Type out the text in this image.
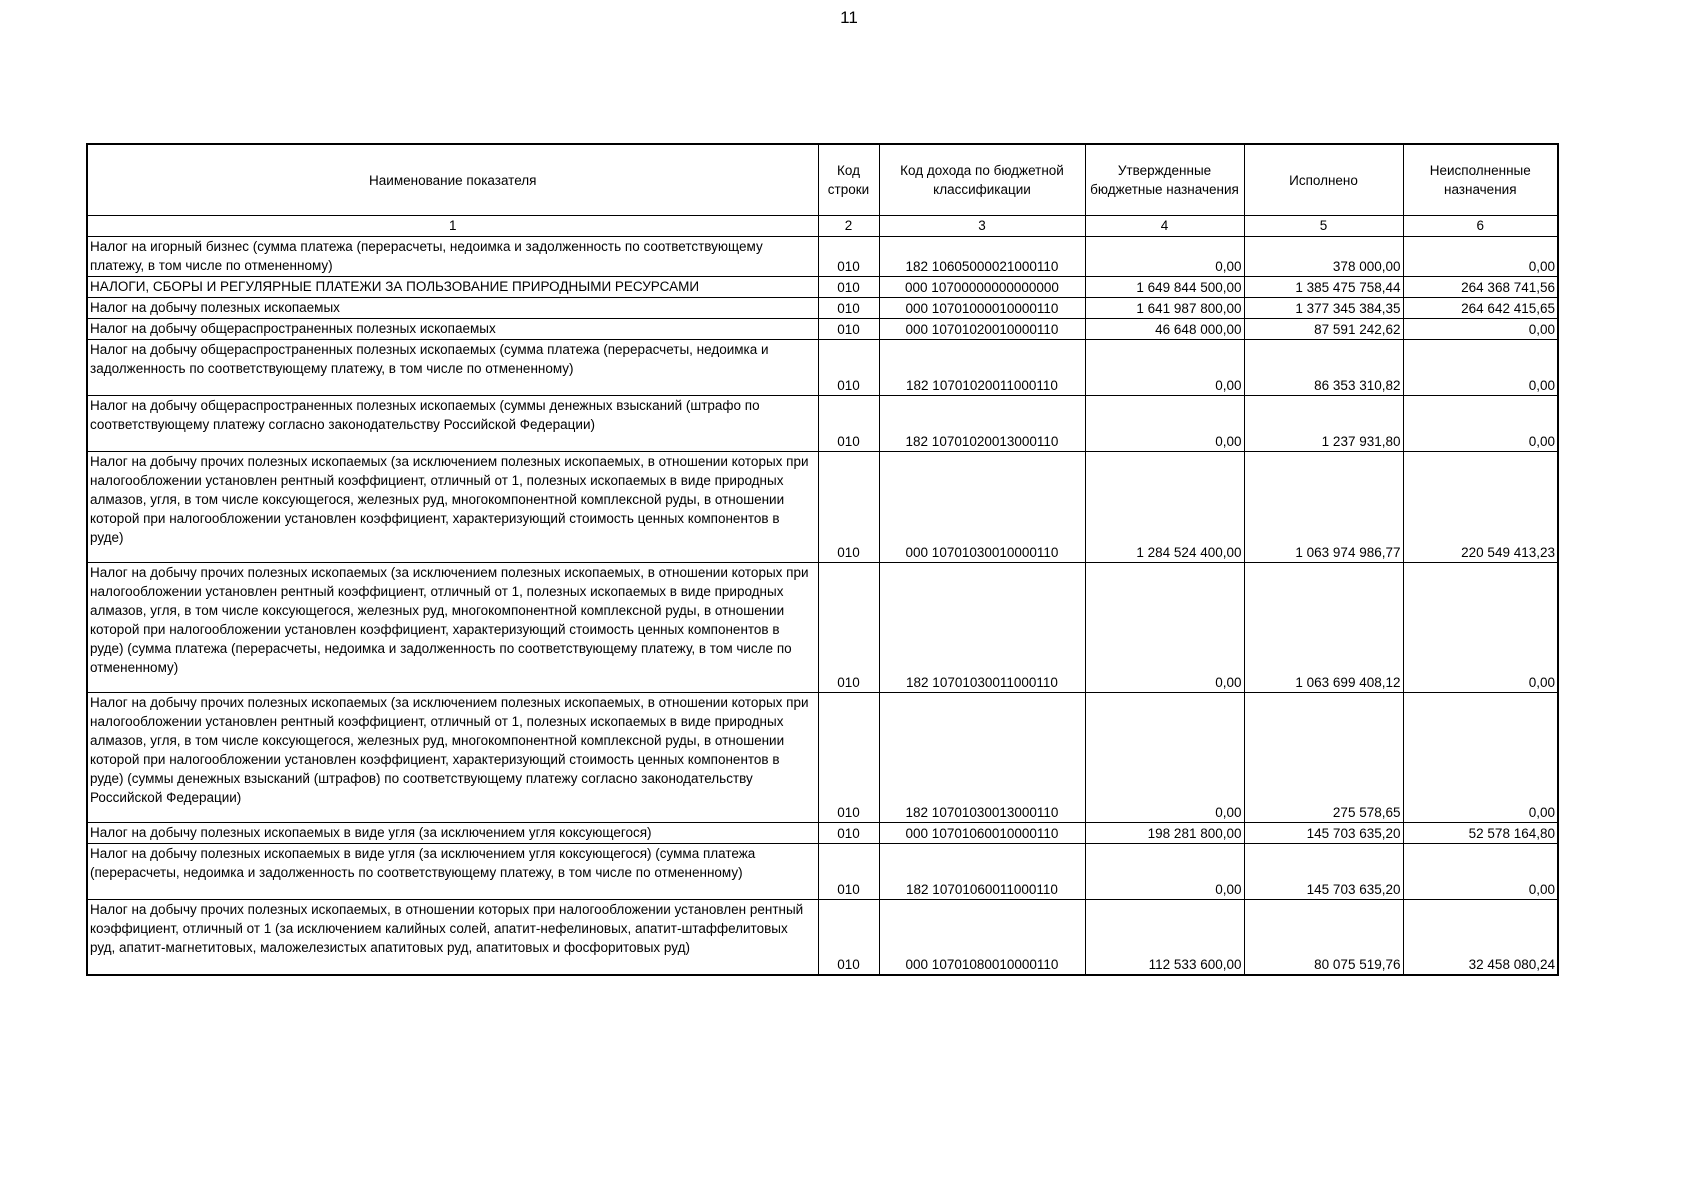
11
Наименование показателя	Код строки	Код дохода по бюджетной классификации	Утвержденные бюджетные назначения	Исполнено	Неисполненные назначения
1	2	3	4	5	6
Налог на игорный бизнес (сумма платежа (перерасчеты, недоимка и задолженность по соответствующему платежу, в том числе по отмененному)	010	182 10605000021000110	0,00	378 000,00	0,00
НАЛОГИ, СБОРЫ И РЕГУЛЯРНЫЕ ПЛАТЕЖИ ЗА ПОЛЬЗОВАНИЕ ПРИРОДНЫМИ РЕСУРСАМИ	010	000 10700000000000000	1 649 844 500,00	1 385 475 758,44	264 368 741,56
Налог на добычу полезных ископаемых	010	000 10701000010000110	1 641 987 800,00	1 377 345 384,35	264 642 415,65
Налог на добычу общераспространенных полезных ископаемых	010	000 10701020010000110	46 648 000,00	87 591 242,62	0,00
Налог на добычу общераспространенных полезных ископаемых (сумма платежа (перерасчеты, недоимка и задолженность по соответствующему платежу, в том числе по отмененному)	010	182 10701020011000110	0,00	86 353 310,82	0,00
Налог на добычу общераспространенных полезных ископаемых (суммы денежных взысканий (штрафо по соответствующему платежу согласно законодательству Российской Федерации)	010	182 10701020013000110	0,00	1 237 931,80	0,00
Налог на добычу прочих полезных ископаемых (за исключением полезных ископаемых, в отношении которых при налогообложении установлен рентный коэффициент, отличный от 1, полезных ископаемых в виде природных алмазов, угля, в том числе коксующегося, железных руд, многокомпонентной комплексной руды, в отношении которой при налогообложении установлен коэффициент, характеризующий стоимость ценных компонентов в руде)	010	000 10701030010000110	1 284 524 400,00	1 063 974 986,77	220 549 413,23
Налог на добычу прочих полезных ископаемых (за исключением полезных ископаемых, в отношении которых при налогообложении установлен рентный коэффициент, отличный от 1, полезных ископаемых в виде природных алмазов, угля, в том числе коксующегося, железных руд, многокомпонентной комплексной руды, в отношении которой при налогообложении установлен коэффициент, характеризующий стоимость ценных компонентов в руде) (сумма платежа (перерасчеты, недоимка и задолженность по соответствующему платежу, в том числе по отмененному)	010	182 10701030011000110	0,00	1 063 699 408,12	0,00
Налог на добычу прочих полезных ископаемых (за исключением полезных ископаемых, в отношении которых при налогообложении установлен рентный коэффициент, отличный от 1, полезных ископаемых в виде природных алмазов, угля, в том числе коксующегося, железных руд, многокомпонентной комплексной руды, в отношении которой при налогообложении установлен коэффициент, характеризующий стоимость ценных компонентов в руде) (суммы денежных взысканий (штрафов) по соответствующему платежу согласно законодательству Российской Федерации)	010	182 10701030013000110	0,00	275 578,65	0,00
Налог на добычу полезных ископаемых в виде угля (за исключением угля коксующегося)	010	000 10701060010000110	198 281 800,00	145 703 635,20	52 578 164,80
Налог на добычу полезных ископаемых в виде угля (за исключением угля коксующегося) (сумма платежа (перерасчеты, недоимка и задолженность по соответствующему платежу, в том числе по отмененному)	010	182 10701060011000110	0,00	145 703 635,20	0,00
Налог на добычу прочих полезных ископаемых, в отношении которых при налогообложении установлен рентный коэффициент, отличный от 1 (за исключением калийных солей, апатит-нефелиновых, апатит-штаффелитовых руд, апатит-магнетитовых, маложелезистых апатитовых руд, апатитовых и фосфоритовых руд)	010	000 10701080010000110	112 533 600,00	80 075 519,76	32 458 080,24
